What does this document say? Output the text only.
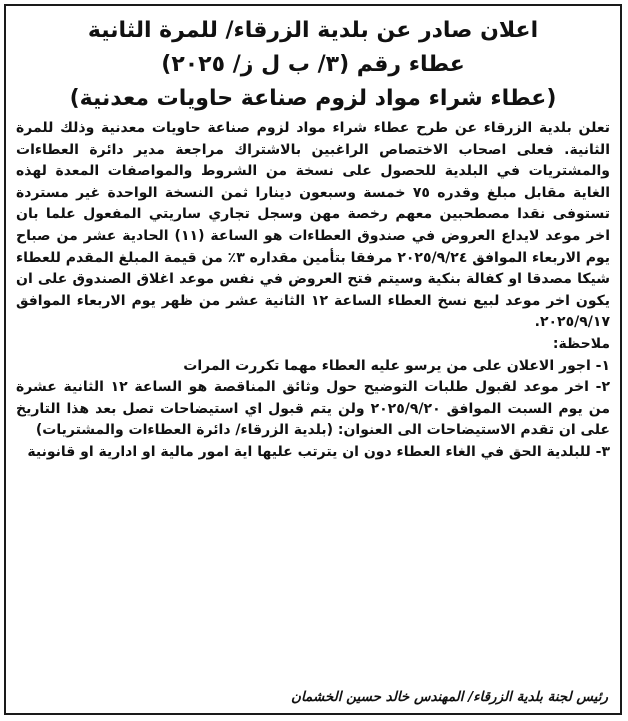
اعلان صادر عن بلدية الزرقاء/ للمرة الثانية
عطاء رقم (٣/ ب ل ز/ ٢٠٢٥)
(عطاء شراء مواد لزوم صناعة حاويات معدنية)

تعلن بلدية الزرقاء عن طرح عطاء شراء مواد لزوم صناعة حاويات معدنية وذلك للمرة الثانية. فعلى اصحاب الاختصاص الراغبين بالاشتراك مراجعة مدير دائرة العطاءات والمشتريات في البلدية للحصول على نسخة من الشروط والمواصفات المعدة لهذه الغاية مقابل مبلغ وقدره ٧٥ خمسة وسبعون دينارا ثمن النسخة الواحدة غير مستردة تستوفى نقدا مصطحبين معهم رخصة مهن وسجل تجاري ساريتي المفعول علما بان اخر موعد لايداع العروض في صندوق العطاءات هو الساعة (١١) الحادية عشر من صباح يوم الاربعاء الموافق ٢٠٢٥/٩/٢٤ مرفقا بتأمين مقداره ٣٪ من قيمة المبلغ المقدم للعطاء شيكا مصدقا او كفالة بنكية وسيتم فتح العروض في نفس موعد اغلاق الصندوق على ان يكون اخر موعد لبيع نسخ العطاء الساعة ١٢ الثانية عشر من ظهر يوم الاربعاء الموافق ٢٠٢٥/٩/١٧.

ملاحظة:

١- اجور الاعلان على من يرسو عليه العطاء مهما تكررت المرات
٢- اخر موعد لقبول طلبات التوضيح حول وثائق المناقصة هو الساعة ١٢ الثانية عشرة من يوم السبت الموافق ٢٠٢٥/٩/٢٠ ولن يتم قبول اي استيضاحات تصل بعد هذا التاريخ على ان تقدم الاستيضاحات الى العنوان: (بلدية الزرقاء/ دائرة العطاءات والمشتريات)
٣- للبلدية الحق في الغاء العطاء دون ان يترتب عليها اية امور مالية او ادارية او قانونية
رئيس لجنة بلدية الزرقاء/ المهندس خالد حسين الخشمان
